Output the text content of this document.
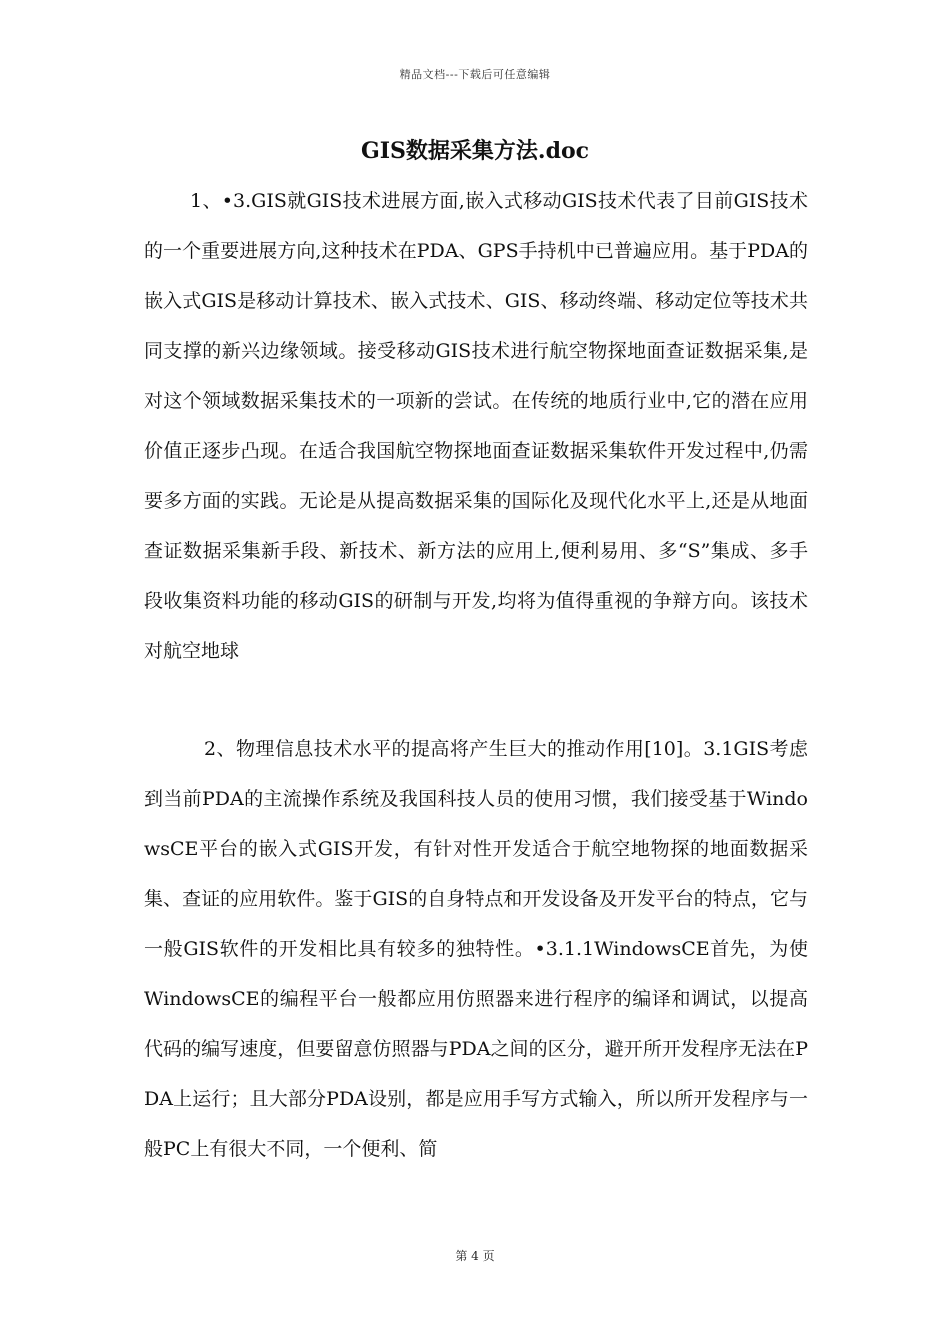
精品文档---下载后可任意编辑
GIS数据采集方法.doc
1、•3.GIS就GIS技术进展方面,嵌入式移动GIS技术代表了目前GIS技术的一个重要进展方向,这种技术在PDA、GPS手持机中已普遍应用。基于PDA的嵌入式GIS是移动计算技术、嵌入式技术、GIS、移动终端、移动定位等技术共同支撑的新兴边缘领域。接受移动GIS技术进行航空物探地面查证数据采集,是对这个领域数据采集技术的一项新的尝试。在传统的地质行业中,它的潜在应用价值正逐步凸现。在适合我国航空物探地面查证数据采集软件开发过程中,仍需要多方面的实践。无论是从提高数据采集的国际化及现代化水平上,还是从地面查证数据采集新手段、新技术、新方法的应用上,便利易用、多“S”集成、多手段收集资料功能的移动GIS的研制与开发,均将为值得重视的争辩方向。该技术对航空地球
2、物理信息技术水平的提高将产生巨大的推动作用[10]。3.1GIS考虑到当前PDA的主流操作系统及我国科技人员的使用习惯，我们接受基于WindowsCE平台的嵌入式GIS开发，有针对性开发适合于航空地物探的地面数据采集、查证的应用软件。鉴于GIS的自身特点和开发设备及开发平台的特点，它与一般GIS软件的开发相比具有较多的独特性。•3.1.1WindowsCE首先，为使WindowsCE的编程平台一般都应用仿照器来进行程序的编译和调试，以提高代码的编写速度，但要留意仿照器与PDA之间的区分，避开所开发程序无法在PDA上运行；且大部分PDA设别，都是应用手写方式输入，所以所开发程序与一般PC上有很大不同，一个便利、简
第 4 页
